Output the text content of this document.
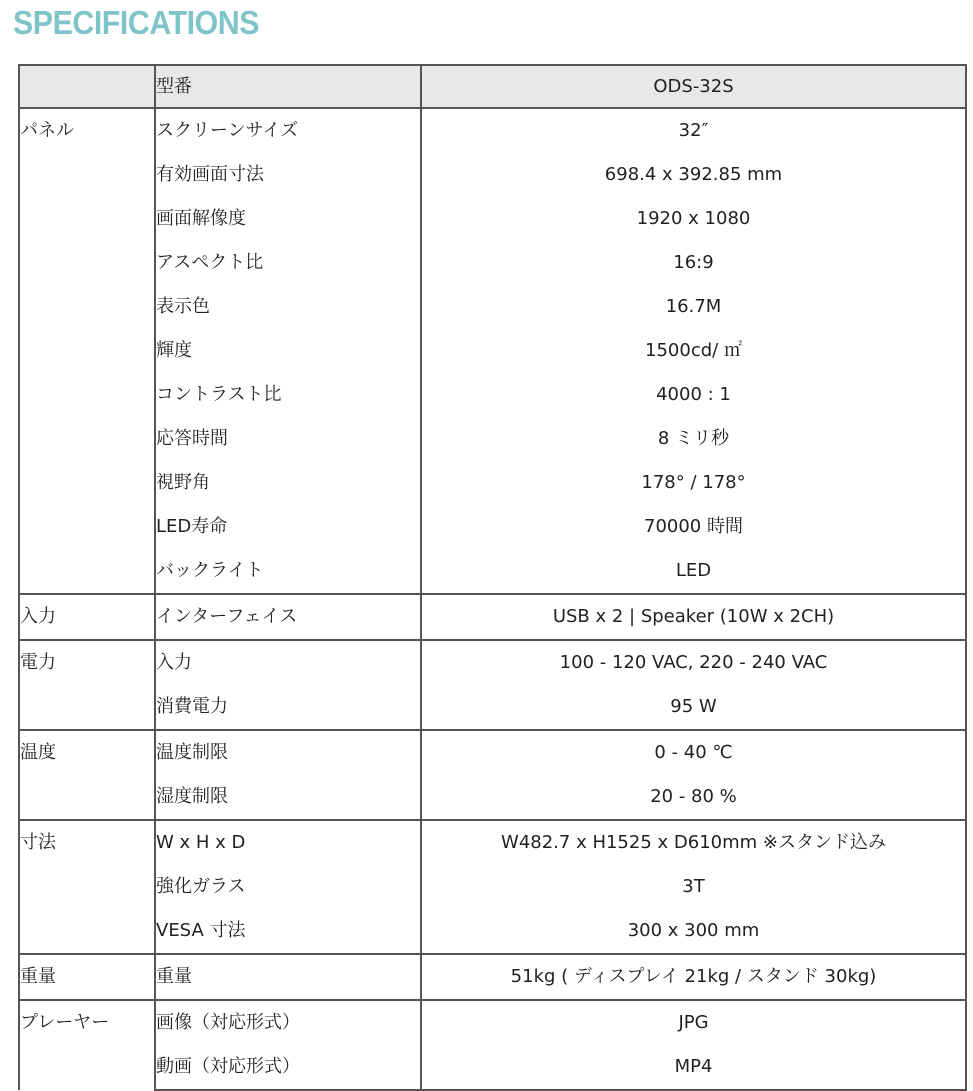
SPECIFICATIONS
	型番	ODS-32S
パネル	スクリーンサイズ	32″
	有効画面寸法	698.4 x 392.85 mm
	画面解像度	1920 x 1080
	アスペクト比	16:9
	表示色	16.7M
	輝度	1500cd/ ㎡
	コントラスト比	4000 : 1
	応答時間	8 ミリ秒
	視野角	178° / 178°
	LED寿命	70000 時間
	バックライト	LED
入力	インターフェイス	USB x 2 | Speaker (10W x 2CH)
電力	入力	100 - 120 VAC, 220 - 240 VAC
	消費電力	95 W
温度	温度制限	0 - 40 ℃
	湿度制限	20 - 80 %
寸法	W x H x D	W482.7 x H1525 x D610mm ※スタンド込み
	強化ガラス	3T
	VESA 寸法	300 x 300 mm
重量	重量	51kg ( ディスプレイ 21kg / スタンド 30kg)
プレーヤー	画像（対応形式）	JPG
	動画（対応形式）	MP4
